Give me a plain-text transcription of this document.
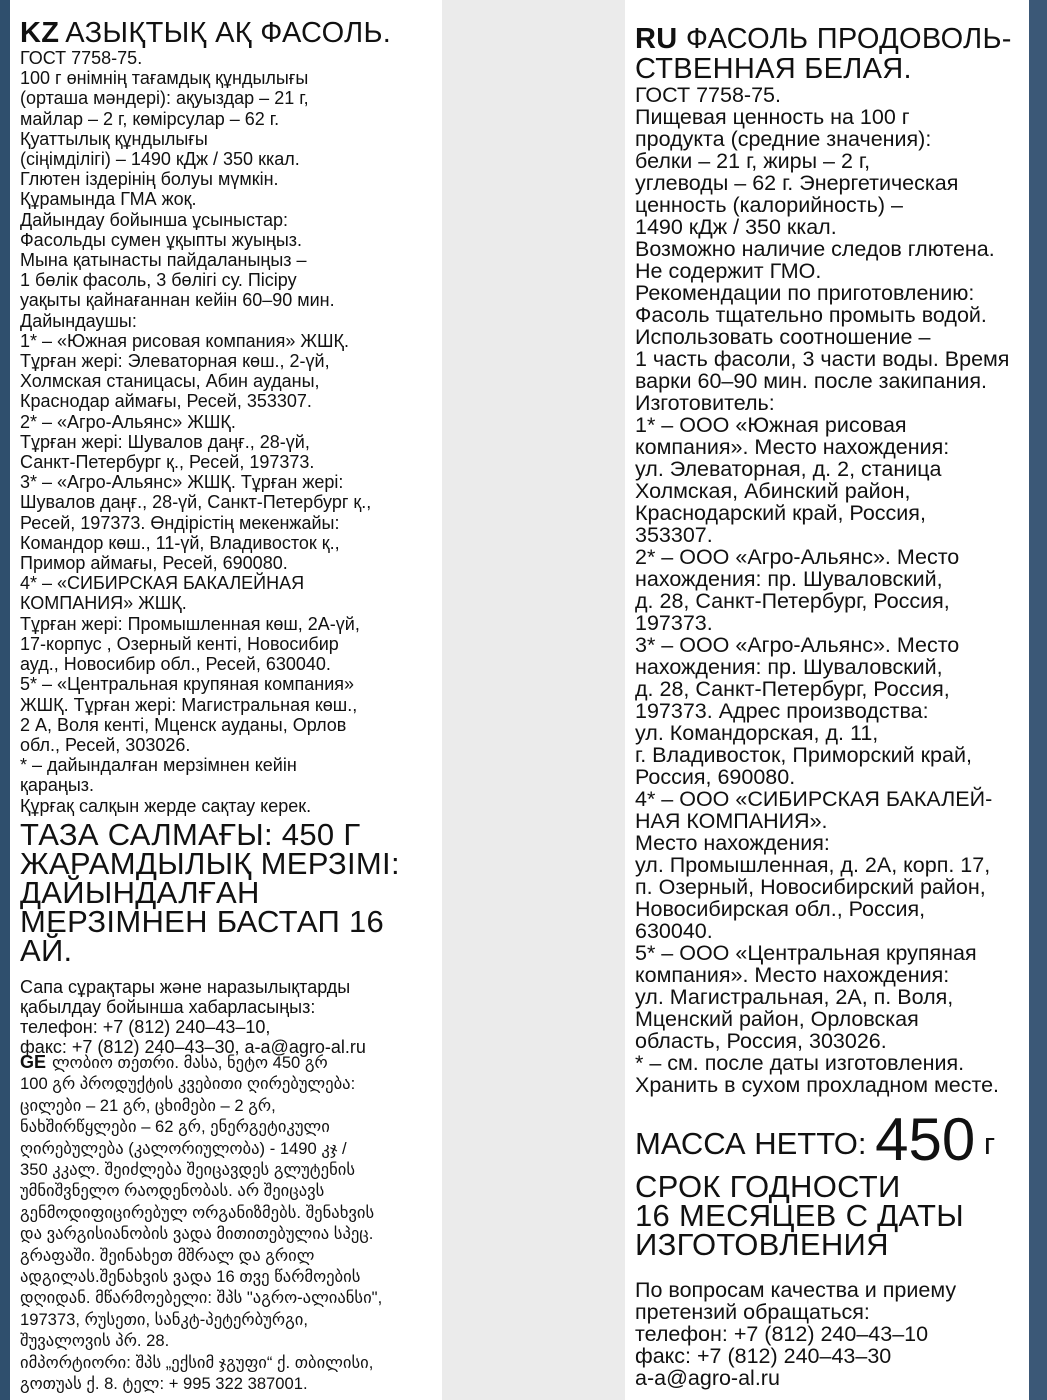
KZ АЗЫҚТЫҚ АҚ ФАСОЛЬ.
ГОСТ 7758-75.
100 г өнімнің тағамдық құндылығы
(орташа мәндері): ақуыздар – 21 г,
майлар – 2 г, көмірсулар – 62 г.
Қуаттылық құндылығы
(сіңімділігі) – 1490 кДж / 350 ккал.
Глютен іздерінің болуы мүмкін.
Құрамында ГМА жоқ.
Дайындау бойынша ұсыныстар:
Фасольды сумен ұқыпты жуыңыз.
Мына қатынасты пайдаланыңыз –
1 бөлік фасоль, 3 бөлігі су. Пісіру
уақыты қайнағаннан кейін 60–90 мин.
Дайындаушы:
1* – «Южная рисовая компания» ЖШҚ.
Тұрған жері: Элеваторная көш., 2-үй,
Холмская станицасы, Абин ауданы,
Краснодар аймағы, Ресей, 353307.
2* – «Агро-Альянс» ЖШҚ.
Тұрған жері: Шувалов даңғ., 28-үй,
Санкт-Петербург қ., Ресей, 197373.
3* – «Агро-Альянс» ЖШҚ. Тұрған жері:
Шувалов даңғ., 28-үй, Санкт-Петербург қ.,
Ресей, 197373. Өндірістің мекенжайы:
Командор көш., 11-үй, Владивосток қ.,
Примор аймағы, Ресей, 690080.
4* – «СИБИРСКАЯ БАКАЛЕЙНАЯ
КОМПАНИЯ» ЖШҚ.
Тұрған жері: Промышленная көш, 2А-үй,
17-корпус , Озерный кенті, Новосибир
ауд., Новосибир обл., Ресей, 630040.
5* – «Центральная крупяная компания»
ЖШҚ. Тұрған жері: Магистральная көш.,
2 А, Воля кенті, Мценск ауданы, Орлов
обл., Ресей, 303026.
* – дайындалған мерзімнен кейін
қараңыз.
Құрғақ салқын жерде сақтау керек.
ТАЗА САЛМАҒЫ: 450 Г
ЖАРАМДЫЛЫҚ МЕРЗІМІ:
ДАЙЫНДАЛҒАН
МЕРЗІМНЕН БАСТАП 16 АЙ.
Сапа сұрақтары және наразылықтарды
қабылдау бойынша хабарласыңыз:
телефон: +7 (812) 240–43–10,
факс: +7 (812) 240–43–30, a-a@agro-al.ru
GE ლობიო თეთრი. მასა, ნეტო 450 გრ
100 გრ პროდუქტის კვებითი ღირებულება:
ცილები – 21 გრ, ცხიმები – 2 გრ,
ნახშირწყლები – 62 გრ, ენერგეტიკული
ღირებულება (კალორიულობა) - 1490 კჯ /
350 კკალ. შეიძლება შეიცავდეს გლუტენის
უმნიშვნელო რაოდენობას. არ შეიცავს
გენმოდიფიცირებულ ორგანიზმებს. შენახვის
და ვარგისიანობის ვადა მითითებულია სპეც.
გრაფაში. შეინახეთ მშრალ და გრილ
ადგილას.შენახვის ვადა 16 თვე წარმოების
დღიდან. მწარმოებელი: შპს "აგრო-ალიანსი",
197373, რუსეთი, სანკტ-პეტერბურგი,
შუვალოვის პრ. 28.
იმპორტიორი: შპს „ექსიმ ჯგუფი“ ქ. თბილისი,
გოთუას ქ. 8. ტელ: + 995 322 387001.
RU ФАСОЛЬ ПРОДОВОЛЬ-
СТВЕННАЯ БЕЛАЯ.
ГОСТ 7758-75.
Пищевая ценность на 100 г
продукта (средние значения):
белки – 21 г, жиры – 2 г,
углеводы – 62 г. Энергетическая
ценность (калорийность) –
1490 кДж / 350 ккал.
Возможно наличие следов глютена.
Не содержит ГМО.
Рекомендации по приготовлению:
Фасоль тщательно промыть водой.
Использовать соотношение –
1 часть фасоли, 3 части воды. Время
варки 60–90 мин. после закипания.
Изготовитель:
1* – ООО «Южная рисовая
компания». Место нахождения:
ул. Элеваторная, д. 2, станица
Холмская, Абинский район,
Краснодарский край, Россия,
353307.
2* – ООО «Агро-Альянс». Место
нахождения: пр. Шуваловский,
д. 28, Санкт-Петербург, Россия,
197373.
3* – ООО «Агро-Альянс». Место
нахождения: пр. Шуваловский,
д. 28, Санкт-Петербург, Россия,
197373. Адрес производства:
ул. Командорская, д. 11,
г. Владивосток, Приморский край,
Россия, 690080.
4* – ООО «СИБИРСКАЯ БАКАЛЕЙ-
НАЯ КОМПАНИЯ».
Место нахождения:
ул. Промышленная, д. 2А, корп. 17,
п. Озерный, Новосибирский район,
Новосибирская обл., Россия,
630040.
5* – ООО «Центральная крупяная
компания». Место нахождения:
ул. Магистральная, 2А, п. Воля,
Мценский район, Орловская
область, Россия, 303026.
* – см. после даты изготовления.
Хранить в сухом прохладном месте.
МАССА НЕТТО: 450 г
СРОК ГОДНОСТИ
16 МЕСЯЦЕВ С ДАТЫ
ИЗГОТОВЛЕНИЯ
По вопросам качества и приему
претензий обращаться:
телефон: +7 (812) 240–43–10
факс: +7 (812) 240–43–30
a-a@agro-al.ru
